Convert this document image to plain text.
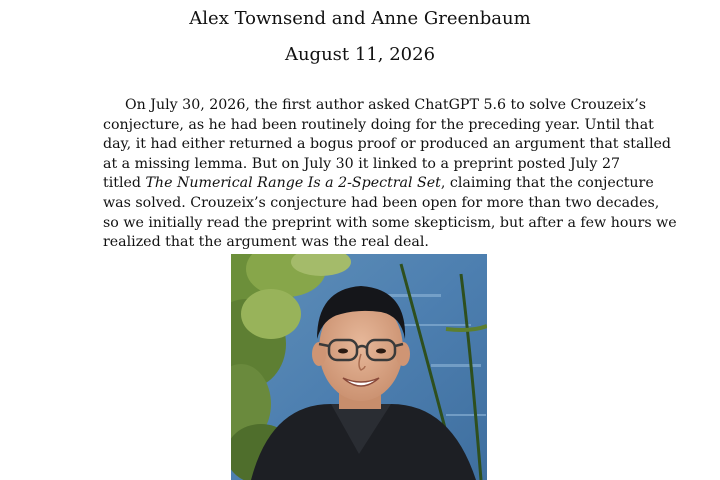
Alex Townsend and Anne Greenbaum
August 11, 2026
On July 30, 2026, the first author asked ChatGPT 5.6 to solve Crouzeix’s
conjecture, as he had been routinely doing for the preceding year. Until that
day, it had either returned a bogus proof or produced an argument that stalled
at a missing lemma. But on July 30 it linked to a preprint posted July 27
titled The Numerical Range Is a 2-Spectral Set, claiming that the conjecture
was solved. Crouzeix’s conjecture had been open for more than two decades,
so we initially read the preprint with some skepticism, but after a few hours we
realized that the argument was the real deal.
